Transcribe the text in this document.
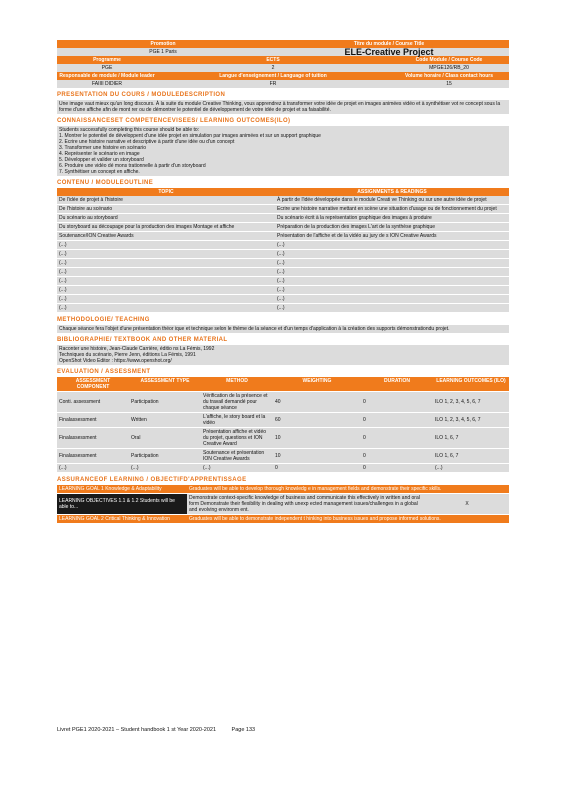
Promotion		Titre du module / Course Title	
PGE 1 Paris		ELE-Creative Project	
Programme	ECTS		Code Module / Course Code
PGE	2		MPGE126/RB_20
Responsable de module / Module leader	Langue d'enseignement / Language of tuition		Volume horaire / Class contact hours
FAIIII DIDIER	FR		15
PRESENTATION DU COURS / MODULEDESCRIPTION
Une image vaut mieux qu'un long discours. À la suite du module Creative Thinking, vous apprendrez à transformer votre idée de projet en images animées vidéo et à synthétiser vot re concept sous la forme d'une affiche afin de mont rer ou de démontrer le potentiel de développement de votre idée de projet et sa faisabilité.
CONNAISSANCESET COMPETENCEVISEES/ LEARNING OUTCOMES(ILO)
Students successfully completing this course should be able to:
1. Montrer le potentiel de développent d'une idée projet en simulation par images animées et sur un support graphique
2. Ecrire une histoire narrative et descriptive à partir d'une idée ou d'un concept
3. Transformer une histoire en scénario
4. Représenter le scénario en image
5. Développer et valider un storyboard
6. Produire une vidéo dé mons trationnelle à partir d'un storyboard
7. Synthétiser un concept en affiche.
CONTENU / MODULEOUTLINE
TOPIC	ASSIGNMENTS & READINGS
De l'idée de projet à l'histoire	À partir de l'idée développée dans le module Creati ve Thinking ou sur une autre idée de projet
De l'histoire au scénario	Ecrire une histoire narrative mettant en scène une situation d'usage ou de fonctionnement du projet
Du scénario au storyboard	Du scénario écrit à la représentation graphique des images à produire
Du storyboard au découpage pour la production des images Montage et affiche	Préparation de la production des images L'art de la synthèse graphique
Soutenance/ION Creative Awards	Présentation de l'affiche et de la vidéo au jury de s ION Creative Awards
(...)	(...)
(...)	(...)
(...)	(...)
(...)	(...)
(...)	(...)
(...)	(...)
(...)	(...)
(...)	(...)
METHODOLOGIE/ TEACHING
Chaque séance fera l'objet d'une présentation théor ique et technique selon le thème de la séance et d'un temps d'application à la création des supports démonstrationdu projet.
BIBLIOGRAPHIE/ TEXTBOOK AND OTHER MATERIAL
Raconter une histoire, Jean-Claude Carrière, éditio ns La Fémis, 1992
Techniques du scénario, Pierre Jenn, éditions La Fémis, 1991
OpenShot Video Editor : https://www.openshot.org/
EVALUATION / ASSESSMENT
ASSESSMENT COMPONENT	ASSESSMENT TYPE	METHOD	WEIGHTING	DURATION	LEARNING OUTCOMES (ILO)
Conti. assessment	Participation	Vérification de la présence et du travail demandé pour chaque séance	40	0	ILO 1, 2, 3, 4, 5, 6, 7
Finalassessment	Written	L'affiche, le story board et la vidéo	60	0	ILO 1, 2, 3, 4, 5, 6, 7
Finalassessment	Oral	Présentation affiche et vidéo du projet, questions et ION Creative Award	10	0	ILO 1, 6, 7
Finalassessment	Participation	Soutenance et présentation ION Creative Awards	10	0	ILO 1, 6, 7
(...)	(...)	(...)	0	0	(...)
ASSURANCEOF LEARNING / OBJECTIFD'APPRENTISSAGE
LEARNING GOAL 1 Knowledge & Adaptability	Graduates will be able to develop thorough knowledg e in management fields and demonstrate their specific skills.	
LEARNING OBJECTIVES 1.1 & 1.2 Students will be able to...	Demonstrate context-specific knowledge of business and communicate this effectively in written and oral form Demonstrate their flexibility in dealing with unexp ected management issues/challenges in a global and evolving environm ent.	X
LEARNING GOAL 2 Critical Thinking & Innovation	Graduates will be able to demonstrate independent t hinking into business issues and propose informed solutions.	
Livret PGE1 2020-2021 – Student handbook 1 st Year 2020-2021	Page 133
